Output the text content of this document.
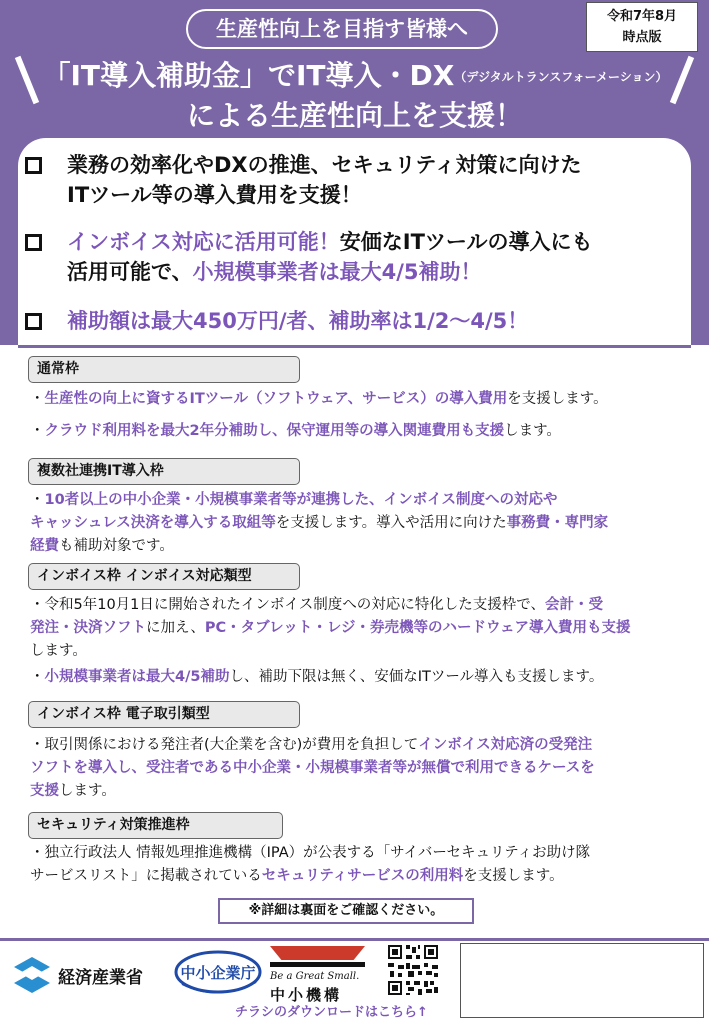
生産性向上を目指す皆様へ
令和7年8月
時点版
「IT導入補助金」でIT導入・DX（デジタルトランスフォーメーション）
による生産性向上を支援！
業務の効率化やDXの推進、セキュリティ対策に向けた
ITツール等の導入費用を支援！
インボイス対応に活用可能！安価なITツールの導入にも
活用可能で、小規模事業者は最大4/5補助！
補助額は最大450万円/者、補助率は1/2～4/5！
通常枠
・生産性の向上に資するITツール（ソフトウェア、サービス）の導入費用を支援します。
・クラウド利用料を最大2年分補助し、保守運用等の導入関連費用も支援します。
複数社連携IT導入枠
・10者以上の中小企業・小規模事業者等が連携した、インボイス制度への対応や
キャッシュレス決済を導入する取組等を支援します。導入や活用に向けた事務費・専門家
経費も補助対象です。
インボイス枠 インボイス対応類型
・令和5年10月1日に開始されたインボイス制度への対応に特化した支援枠で、会計・受
発注・決済ソフトに加え、PC・タブレット・レジ・券売機等のハードウェア導入費用も支援
します。
・小規模事業者は最大4/5補助し、補助下限は無く、安価なITツール導入も支援します。
インボイス枠 電子取引類型
・取引関係における発注者(大企業を含む)が費用を負担してインボイス対応済の受発注
ソフトを導入し、受注者である中小企業・小規模事業者等が無償で利用できるケースを
支援します。
セキュリティ対策推進枠
・独立行政法人 情報処理推進機構（IPA）が公表する「サイバーセキュリティお助け隊
サービスリスト」に掲載されているセキュリティサービスの利用料を支援します。
※詳細は裏面をご確認ください。
経済産業省 中小企業庁 Be a Great Small.
中小機構
チラシのダウンロードはこちら↑
